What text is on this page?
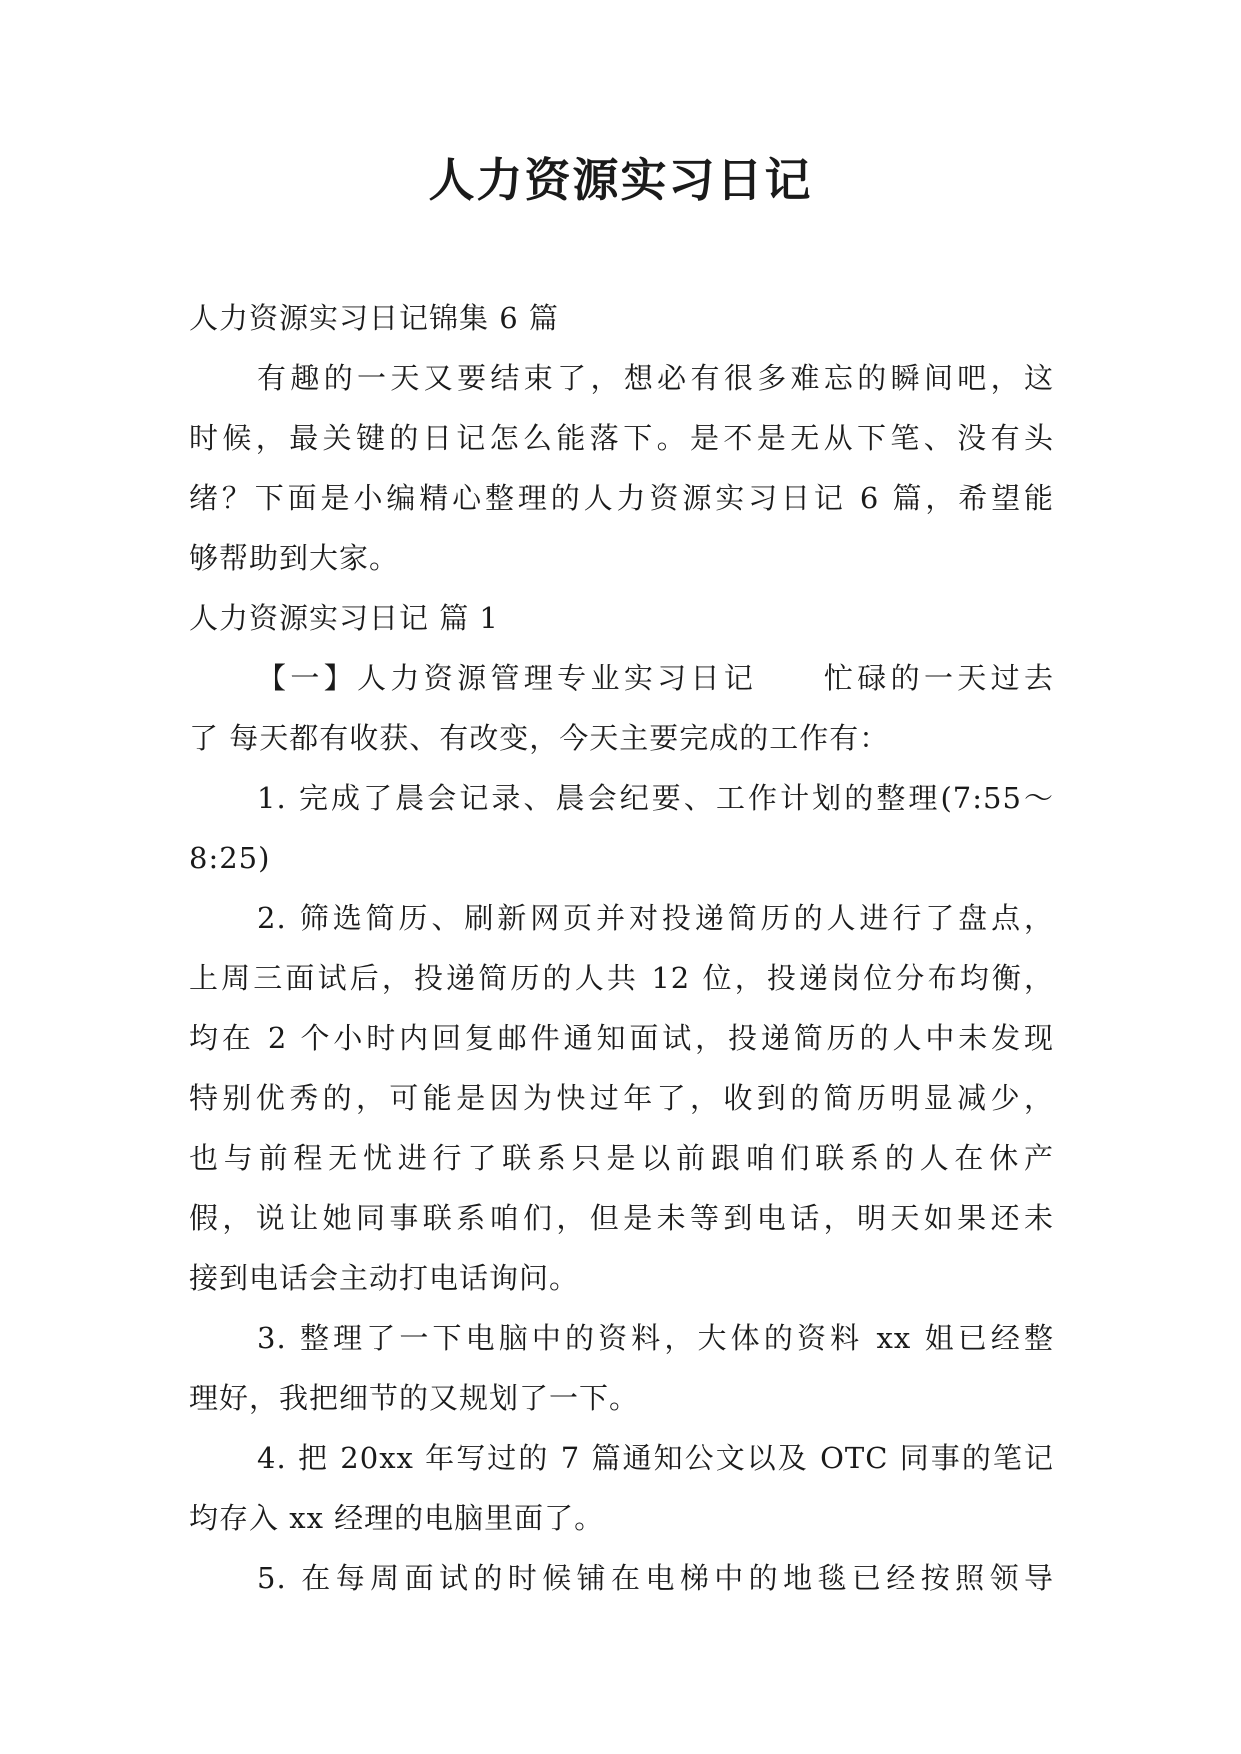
人力资源实习日记
人力资源实习日记锦集 6 篇
有趣的一天又要结束了，想必有很多难忘的瞬间吧，这
时候，最关键的日记怎么能落下。是不是无从下笔、没有头
绪？下面是小编精心整理的人力资源实习日记 6 篇，希望能
够帮助到大家。
人力资源实习日记 篇 1
【一】人力资源管理专业实习日记　　忙碌的一天过去
了 每天都有收获、有改变，今天主要完成的工作有：
1. 完成了晨会记录、晨会纪要、工作计划的整理(7:55～
8:25)
2. 筛选简历、刷新网页并对投递简历的人进行了盘点，
上周三面试后，投递简历的人共 12 位，投递岗位分布均衡，
均在 2 个小时内回复邮件通知面试，投递简历的人中未发现
特别优秀的，可能是因为快过年了，收到的简历明显减少，
也与前程无忧进行了联系只是以前跟咱们联系的人在休产
假，说让她同事联系咱们，但是未等到电话，明天如果还未
接到电话会主动打电话询问。
3. 整理了一下电脑中的资料，大体的资料 xx 姐已经整
理好，我把细节的又规划了一下。
4. 把 20xx 年写过的 7 篇通知公文以及 OTC 同事的笔记
均存入 xx 经理的电脑里面了。
5. 在每周面试的时候铺在电梯中的地毯已经按照领导
